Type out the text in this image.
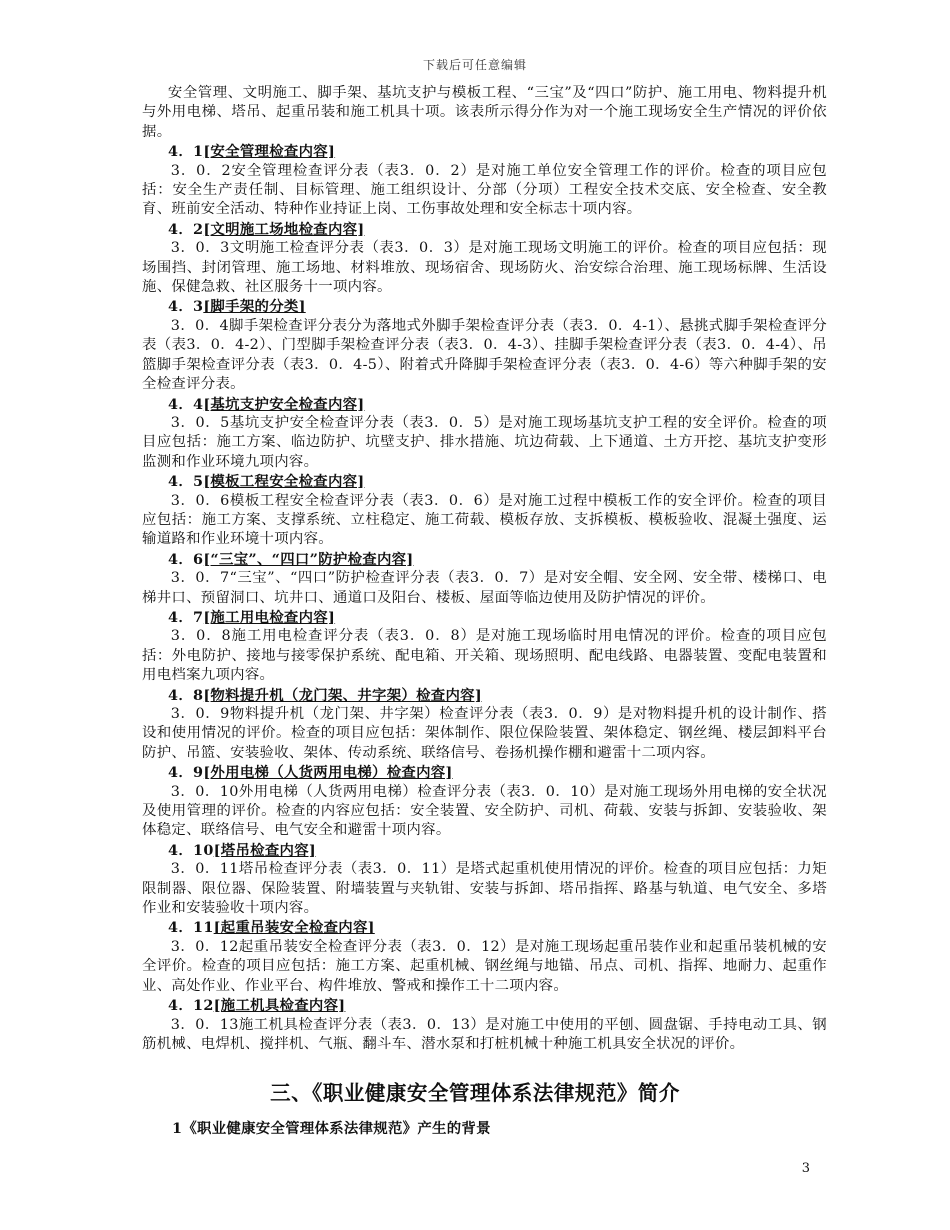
下载后可任意编辑

安全管理、文明施工、脚手架、基坑支护与模板工程、“三宝”及“四口”防护、施工用电、物料提升机与外用电梯、塔吊、起重吊装和施工机具十项。该表所示得分作为对一个施工现场安全生产情况的评价依据。

4．1[安全管理检查内容]

3．0．2安全管理检查评分表（表3．0．2）是对施工单位安全管理工作的评价。检查的项目应包括：安全生产责任制、目标管理、施工组织设计、分部（分项）工程安全技术交底、安全检查、安全教育、班前安全活动、特种作业持证上岗、工伤事故处理和安全标志十项内容。

4．2[文明施工场地检查内容]

3．0．3文明施工检查评分表（表3．0．3）是对施工现场文明施工的评价。检查的项目应包括：现场围挡、封闭管理、施工场地、材料堆放、现场宿舍、现场防火、治安综合治理、施工现场标牌、生活设施、保健急救、社区服务十一项内容。

4．3[脚手架的分类]

3．0．4脚手架检查评分表分为落地式外脚手架检查评分表（表3．0．4-1）、悬挑式脚手架检查评分表（表3．0．4-2）、门型脚手架检查评分表（表3．0．4-3）、挂脚手架检查评分表（表3．0．4-4）、吊篮脚手架检查评分表（表3．0．4-5）、附着式升降脚手架检查评分表（表3．0．4-6）等六种脚手架的安全检查评分表。

4．4[基坑支护安全检查内容]

3．0．5基坑支护安全检查评分表（表3．0．5）是对施工现场基坑支护工程的安全评价。检查的项目应包括：施工方案、临边防护、坑壁支护、排水措施、坑边荷载、上下通道、土方开挖、基坑支护变形监测和作业环境九项内容。

4．5[模板工程安全检查内容]

3．0．6模板工程安全检查评分表（表3．0．6）是对施工过程中模板工作的安全评价。检查的项目应包括：施工方案、支撑系统、立柱稳定、施工荷载、模板存放、支拆模板、模板验收、混凝土强度、运输道路和作业环境十项内容。

4．6[“三宝”、“四口”防护检查内容]

3．0．7“三宝”、“四口”防护检查评分表（表3．0．7）是对安全帽、安全网、安全带、楼梯口、电梯井口、预留洞口、坑井口、通道口及阳台、楼板、屋面等临边使用及防护情况的评价。

4．7[施工用电检查内容]

3．0．8施工用电检查评分表（表3．0．8）是对施工现场临时用电情况的评价。检查的项目应包括：外电防护、接地与接零保护系统、配电箱、开关箱、现场照明、配电线路、电器装置、变配电装置和用电档案九项内容。

4．8[物料提升机（龙门架、井字架）检查内容]

3．0．9物料提升机（龙门架、井字架）检查评分表（表3．0．9）是对物料提升机的设计制作、搭设和使用情况的评价。检查的项目应包括：架体制作、限位保险装置、架体稳定、钢丝绳、楼层卸料平台防护、吊篮、安装验收、架体、传动系统、联络信号、卷扬机操作棚和避雷十二项内容。

4．9[外用电梯（人货两用电梯）检查内容]

3．0．10外用电梯（人货两用电梯）检查评分表（表3．0．10）是对施工现场外用电梯的安全状况及使用管理的评价。检查的内容应包括：安全装置、安全防护、司机、荷载、安装与拆卸、安装验收、架体稳定、联络信号、电气安全和避雷十项内容。

4．10[塔吊检查内容]

3．0．11塔吊检查评分表（表3．0．11）是塔式起重机使用情况的评价。检查的项目应包括：力矩限制器、限位器、保险装置、附墙装置与夹轨钳、安装与拆卸、塔吊指挥、路基与轨道、电气安全、多塔作业和安装验收十项内容。

4．11[起重吊装安全检查内容]

3．0．12起重吊装安全检查评分表（表3．0．12）是对施工现场起重吊装作业和起重吊装机械的安全评价。检查的项目应包括：施工方案、起重机械、钢丝绳与地锚、吊点、司机、指挥、地耐力、起重作业、高处作业、作业平台、构件堆放、警戒和操作工十二项内容。

4．12[施工机具检查内容]

3．0．13施工机具检查评分表（表3．0．13）是对施工中使用的平刨、圆盘锯、手持电动工具、钢筋机械、电焊机、搅拌机、气瓶、翻斗车、潜水泵和打桩机械十种施工机具安全状况的评价。

三、《职业健康安全管理体系法律规范》简介
1《职业健康安全管理体系法律规范》产生的背景
3
